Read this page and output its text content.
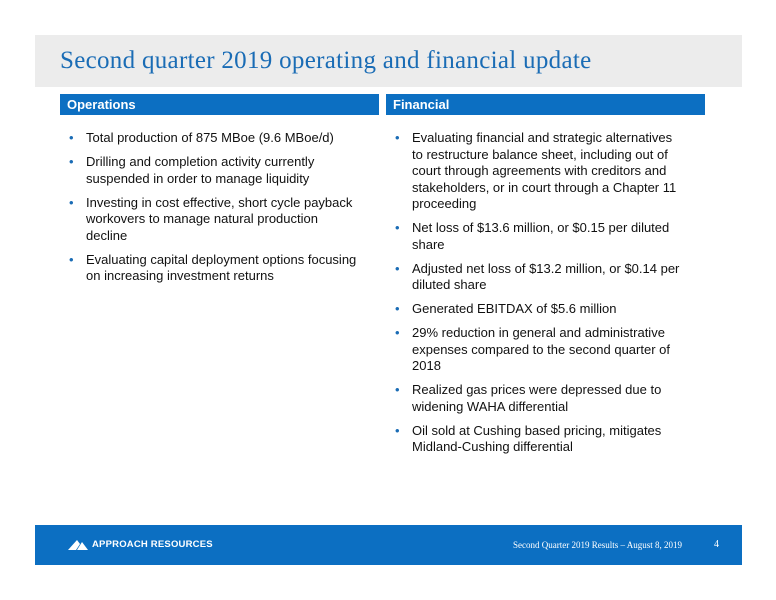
Second quarter 2019 operating and financial update
Operations	Financial
• Total production of 875 MBoe (9.6 MBoe/d)
• Drilling and completion activity currently suspended in order to manage liquidity
• Investing in cost effective, short cycle payback workovers to manage natural production decline
• Evaluating capital deployment options focusing on increasing investment returns
• Evaluating financial and strategic alternatives to restructure balance sheet, including out of court through agreements with creditors and stakeholders, or in court through a Chapter 11 proceeding
• Net loss of $13.6 million, or $0.15 per diluted share
• Adjusted net loss of $13.2 million, or $0.14 per diluted share
• Generated EBITDAX of $5.6 million
• 29% reduction in general and administrative expenses compared to the second quarter of 2018
• Realized gas prices were depressed due to widening WAHA differential
• Oil sold at Cushing based pricing, mitigates Midland-Cushing differential
APPROACH RESOURCES	Second Quarter 2019 Results – August 8, 2019	4
